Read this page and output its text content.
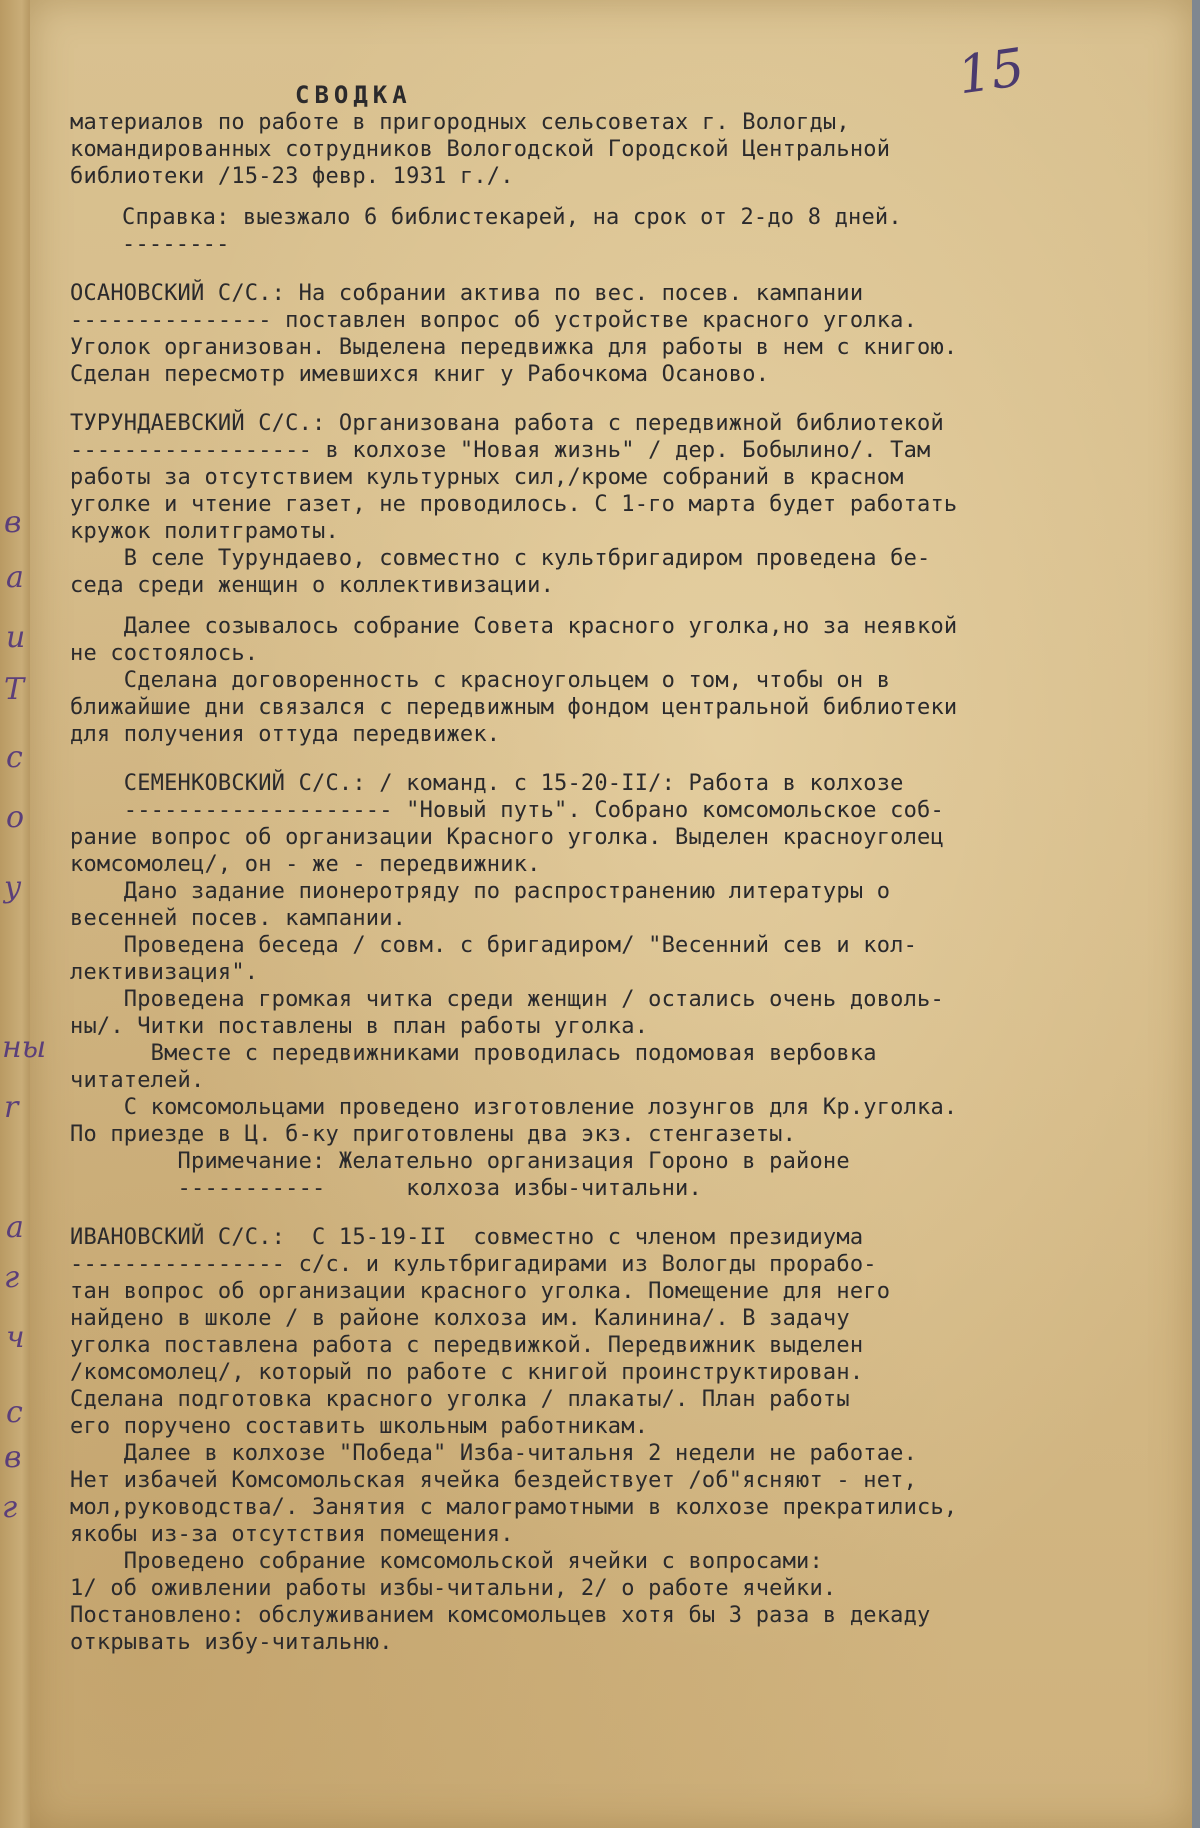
в
а
и
Т
с
о
у
ны
r
а
г
ч
с
в
г
15
СВОДКА
материалов по работе в пригородных сельсоветах г. Вологды,
командированных сотрудников Вологодской Городской Центральной
библиотеки /15-23 февр. 1931 г./.
Справка: выезжало 6 библистекарей, на срок от 2-до 8 дней.
--------
ОСАНОВСКИЙ С/С.: На собрании актива по вес. посев. кампании
--------------- поставлен вопрос об устройстве красного уголка.
Уголок организован. Выделена передвижка для работы в нем с книгою.
Сделан пересмотр имевшихся книг у Рабочкома Осаново.
ТУРУНДАЕВСКИЙ С/С.: Организована работа с передвижной библиотекой
------------------ в колхозе "Новая жизнь" / дер. Бобылино/. Там
работы за отсутствием культурных сил,/кроме собраний в красном
уголке и чтение газет, не проводилось. С 1-го марта будет работать
кружок политграмоты.
В селе Турундаево, совместно с культбригадиром проведена бе-
седа среди женщин о коллективизации.
Далее созывалось собрание Совета красного уголка,но за неявкой
не состоялось.
Сделана договоренность с красноугольцем о том, чтобы он в
ближайшие дни связался с передвижным фондом центральной библиотеки
для получения оттуда передвижек.
СЕМЕНКОВСКИЙ С/С.: / команд. с 15-20-II/: Работа в колхозе
-------------------- "Новый путь". Собрано комсомольское соб-
рание вопрос об организации Красного уголка. Выделен красноуголец
комсомолец/, он - же - передвижник.
Дано задание пионеротряду по распространению литературы о
весенней посев. кампании.
Проведена беседа / совм. с бригадиром/ "Весенний сев и кол-
лективизация".
Проведена громкая читка среди женщин / остались очень доволь-
ны/. Читки поставлены в план работы уголка.
Вместе с передвижниками проводилась подомовая вербовка
читателей.
С комсомольцами проведено изготовление лозунгов для Кр.уголка.
По приезде в Ц. б-ку приготовлены два экз. стенгазеты.
Примечание: Желательно организация Гороно в районе
-----------      колхоза избы-читальни.
ИВАНОВСКИЙ С/С.:  С 15-19-II  совместно с членом президиума
---------------- с/с. и культбригадирами из Вологды прорабо-
тан вопрос об организации красного уголка. Помещение для него
найдено в школе / в районе колхоза им. Калинина/. В задачу
уголка поставлена работа с передвижкой. Передвижник выделен
/комсомолец/, который по работе с книгой проинструктирован.
Сделана подготовка красного уголка / плакаты/. План работы
его поручено составить школьным работникам.
Далее в колхозе "Победа" Изба-читальня 2 недели не работае.
Нет избачей Комсомольская ячейка бездействует /об"ясняют - нет,
мол,руководства/. Занятия с малограмотными в колхозе прекратились,
якобы из-за отсутствия помещения.
Проведено собрание комсомольской ячейки с вопросами:
1/ об оживлении работы избы-читальни, 2/ о работе ячейки.
Постановлено: обслуживанием комсомольцев хотя бы 3 раза в декаду
открывать избу-читальню.
